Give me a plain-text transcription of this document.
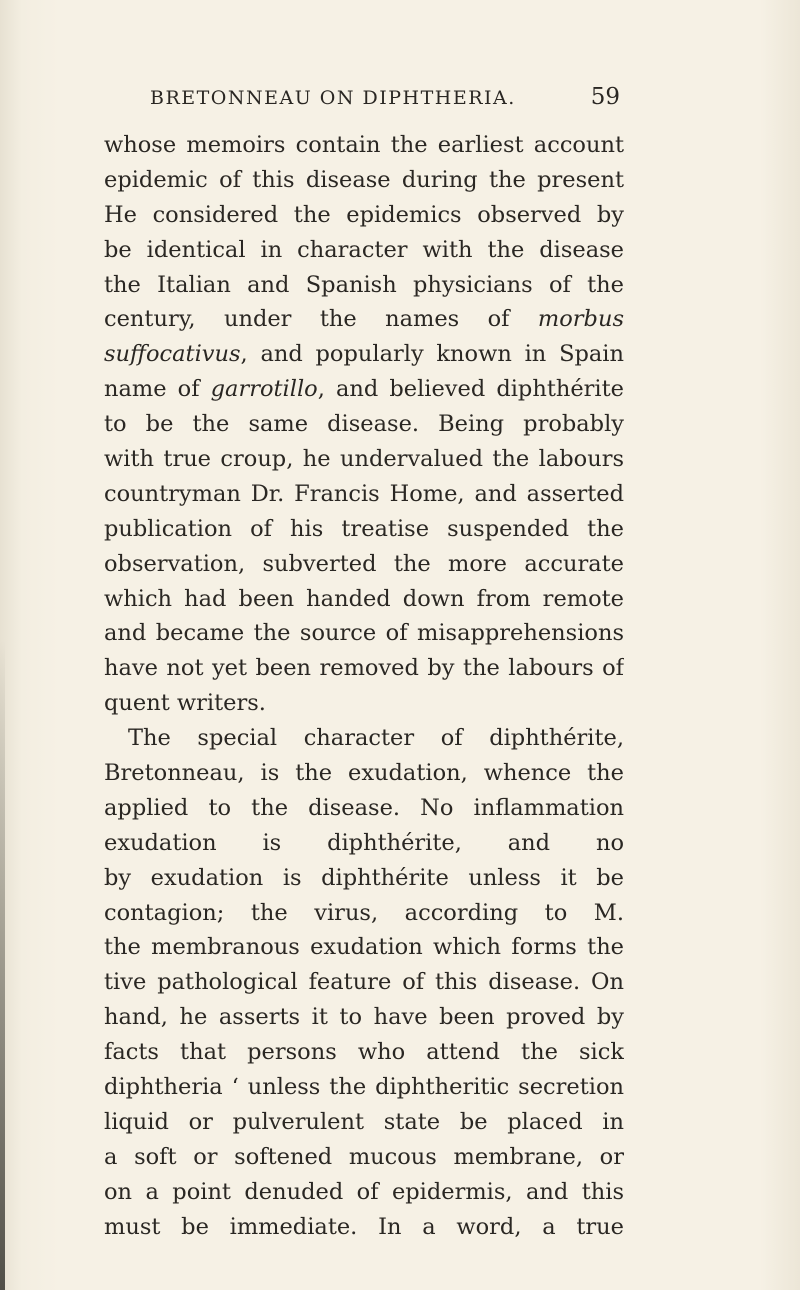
BRETONNEAU ON DIPHTHERIA.	59
whose memoirs contain the earliest account
epidemic of this disease during the present
He considered the epidemics observed by
be identical in character with the disease
the Italian and Spanish physicians of the
century, under the names of morbus
suffocativus, and popularly known in Spain
name of garrotillo, and believed diphthérite
to be the same disease. Being probably
with true croup, he undervalued the labours
countryman Dr. Francis Home, and asserted
publication of his treatise suspended the
observation, subverted the more accurate
which had been handed down from remote
and became the source of misapprehensions
have not yet been removed by the labours of
quent writers.
The special character of diphthérite,
Bretonneau, is the exudation, whence the
applied to the disease. No inflammation
exudation is diphthérite, and no
by exudation is diphthérite unless it be
contagion; the virus, according to M.
the membranous exudation which forms the
tive pathological feature of this disease. On
hand, he asserts it to have been proved by
facts that persons who attend the sick
diphtheria ‘ unless the diphtheritic secretion
liquid or pulverulent state be placed in
a soft or softened mucous membrane, or
on a point denuded of epidermis, and this
must be immediate. In a word, a true
